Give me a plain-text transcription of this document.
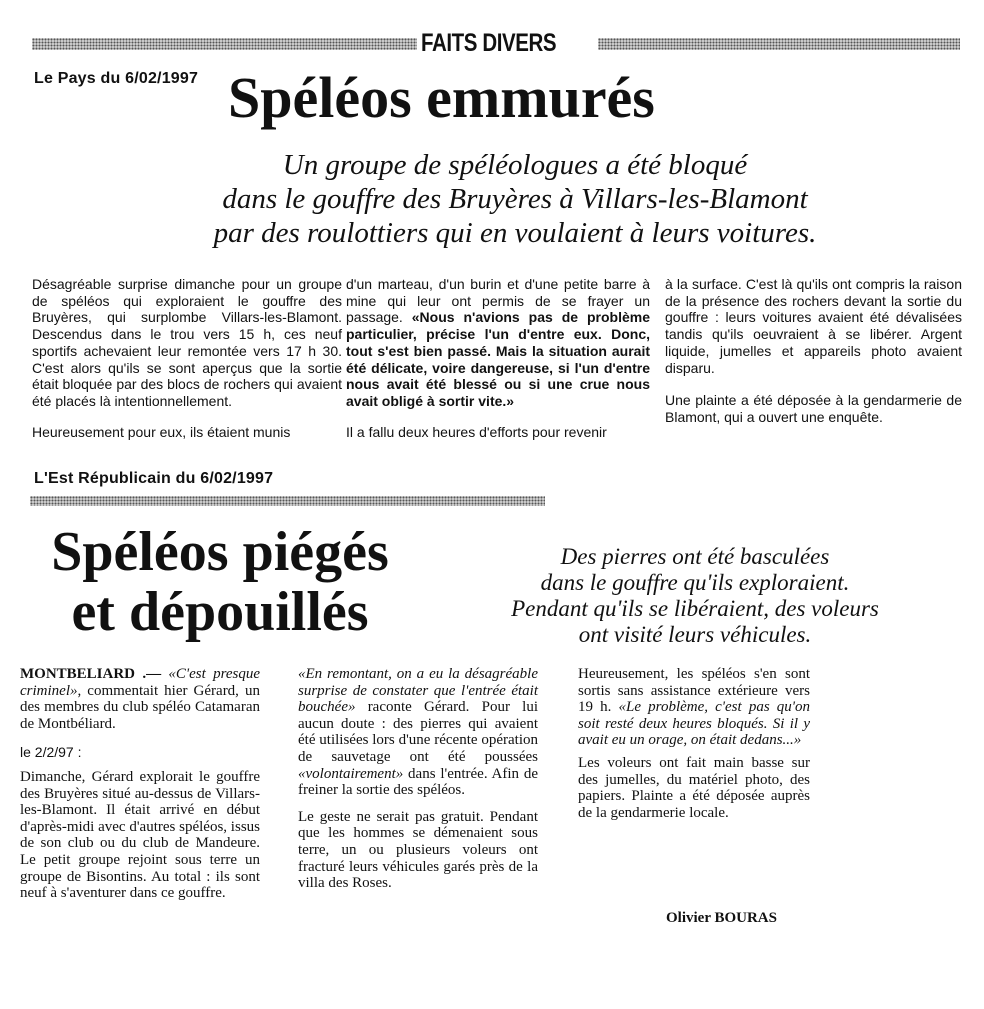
FAITS DIVERS
Le Pays du 6/02/1997 Spéléos emmurés
Un groupe de spéléologues a été bloqué
dans le gouffre des Bruyères à Villars-les-Blamont
par des roulottiers qui en voulaient à leurs voitures.

Désagréable surprise dimanche pour un groupe de spéléos qui exploraient le gouffre des Bruyères, qui surplombe Villars-les-Blamont. Descendus dans le trou vers 15 h, ces neuf sportifs achevaient leur remontée vers 17 h 30. C'est alors qu'ils se sont aperçus que la sortie était bloquée par des blocs de rochers qui avaient été placés là intentionnellement.

Heureusement pour eux, ils étaient munis

d'un marteau, d'un burin et d'une petite barre à mine qui leur ont permis de se frayer un passage. «Nous n'avions pas de problème particulier, précise l'un d'entre eux. Donc, tout s'est bien passé. Mais la situation aurait été délicate, voire dangereuse, si l'un d'entre nous avait été blessé ou si une crue nous avait obligé à sortir vite.»

Il a fallu deux heures d'efforts pour revenir

à la surface. C'est là qu'ils ont compris la raison de la présence des rochers devant la sortie du gouffre : leurs voitures avaient été dévalisées tandis qu'ils oeuvraient à se libérer. Argent liquide, jumelles et appareils photo avaient disparu.

Une plainte a été déposée à la gendarmerie de Blamont, qui a ouvert une enquête.

L'Est Républicain du 6/02/1997
Spéléos piégés
et dépouillés
Des pierres ont été basculées
dans le gouffre qu'ils exploraient.
Pendant qu'ils se libéraient, des voleurs
ont visité leurs véhicules.

MONTBELIARD .— «C'est presque criminel», commentait hier Gérard, un des membres du club spéléo Catamaran de Montbéliard.

le 2/2/97 :

Dimanche, Gérard explorait le gouffre des Bruyères situé au-dessus de Villars-les-Blamont. Il était arrivé en début d'après-midi avec d'autres spéléos, issus de son club ou du club de Mandeure. Le petit groupe rejoint sous terre un groupe de Bisontins. Au total : ils sont neuf à s'aventurer dans ce gouffre.

«En remontant, on a eu la désagréable surprise de constater que l'entrée était bouchée» raconte Gérard. Pour lui aucun doute : des pierres qui avaient été utilisées lors d'une récente opération de sauvetage ont été poussées «volontairement» dans l'entrée. Afin de freiner la sortie des spéléos.

Le geste ne serait pas gratuit. Pendant que les hommes se démenaient sous terre, un ou plusieurs voleurs ont fracturé leurs véhicules garés près de la villa des Roses.

Heureusement, les spéléos s'en sont sortis sans assistance extérieure vers 19 h. «Le problème, c'est pas qu'on soit resté deux heures bloqués. Si il y avait eu un orage, on était dedans...»

Les voleurs ont fait main basse sur des jumelles, du matériel photo, des papiers. Plainte a été déposée auprès de la gendarmerie locale.

Olivier BOURAS
